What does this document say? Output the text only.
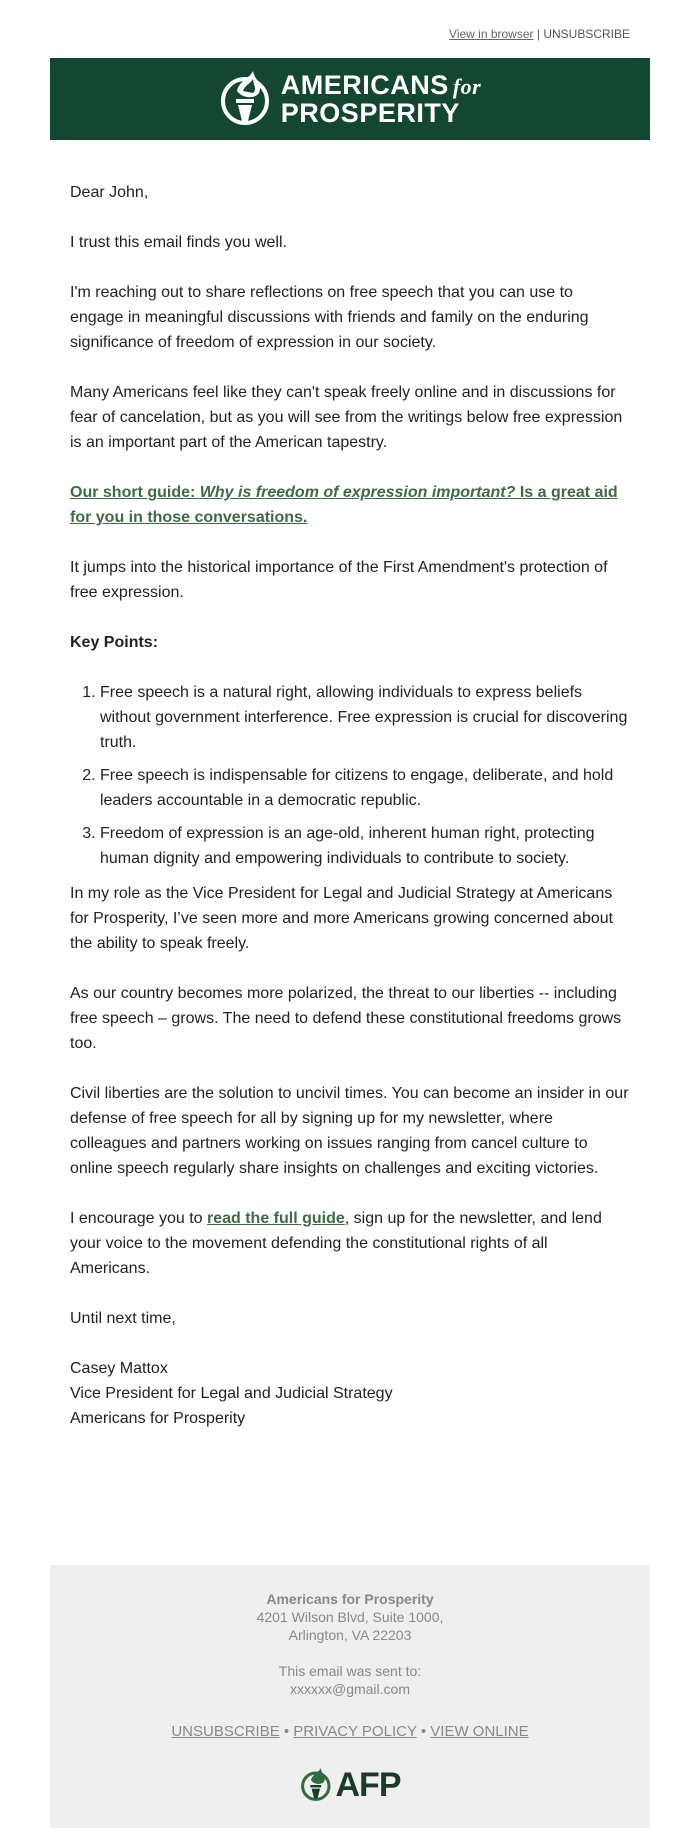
View in browser | UNSUBSCRIBE
AMERICANS for
PROSPERITY

Dear John,

I trust this email finds you well.

I'm reaching out to share reflections on free speech that you can use to engage in meaningful discussions with friends and family on the enduring significance of freedom of expression in our society.

Many Americans feel like they can't speak freely online and in discussions for fear of cancelation, but as you will see from the writings below free expression is an important part of the American tapestry.

Our short guide: Why is freedom of expression important? Is a great aid for you in those conversations.

It jumps into the historical importance of the First Amendment's protection of free expression.

Key Points:

1. Free speech is a natural right, allowing individuals to express beliefs without government interference. Free expression is crucial for discovering truth.
2. Free speech is indispensable for citizens to engage, deliberate, and hold leaders accountable in a democratic republic.
3. Freedom of expression is an age-old, inherent human right, protecting human dignity and empowering individuals to contribute to society.

In my role as the Vice President for Legal and Judicial Strategy at Americans for Prosperity, I’ve seen more and more Americans growing concerned about the ability to speak freely.

As our country becomes more polarized, the threat to our liberties -- including free speech – grows. The need to defend these constitutional freedoms grows too.

Civil liberties are the solution to uncivil times. You can become an insider in our defense of free speech for all by signing up for my newsletter, where colleagues and partners working on issues ranging from cancel culture to online speech regularly share insights on challenges and exciting victories.

I encourage you to read the full guide, sign up for the newsletter, and lend your voice to the movement defending the constitutional rights of all Americans.

Until next time,

Casey Mattox

Vice President for Legal and Judicial Strategy

Americans for Prosperity

Americans for Prosperity
4201 Wilson Blvd, Suite 1000,
Arlington, VA 22203
This email was sent to:
xxxxxx@gmail.com
UNSUBSCRIBE • PRIVACY POLICY • VIEW ONLINE
AFP
